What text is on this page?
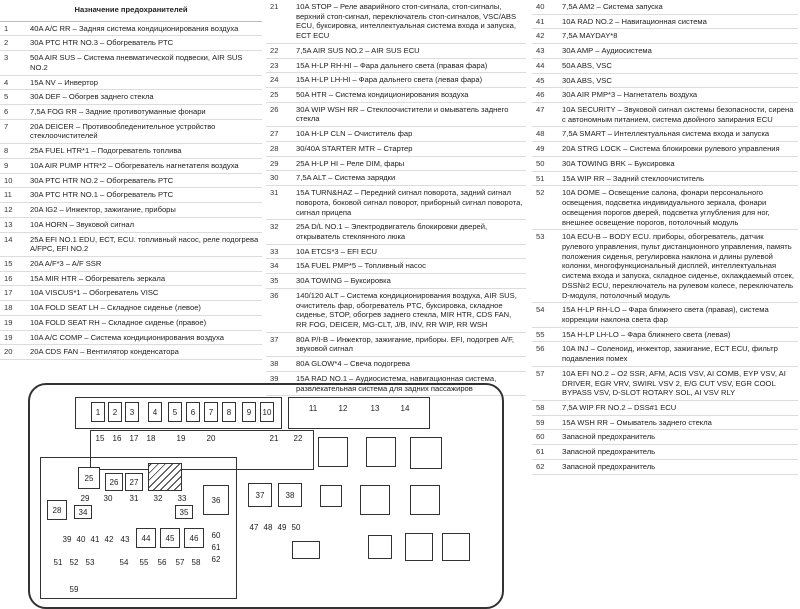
Назначение предохранителей	
1	40A A/C RR – Задняя система кондиционирования воздуха
2	30A PTC HTR NO.3 – Обогреватель PTC
3	50A AIR SUS – Система пневматической подвески, AIR SUS NO.2
4	15A NV – Инвертор
5	30A DEF – Обогрев заднего стекла
6	7,5A FOG RR – Задние противотуманные фонари
7	20A DEICER – Противообледенительное устройство стеклоочистителей
8	25A FUEL HTR*1 – Подогреватель топлива
9	10A AIR PUMP HTR*2 – Обогреватель нагнетателя воздуха
10	30A PTC HTR NO.2 – Обогреватель PTC
11	30A PTC HTR NO.1 – Обогреватель PTC
12	20A IG2 – Инжектор, зажигание, приборы
13	10A HORN – Звуковой сигнал
14	25A EFI NO.1 EDU, ECT, ECU. топливный насос, реле подогрева A/FPC, EFI NO.2
15	20A A/F*3 – A/F SSR
16	15A MIR HTR – Обогреватель зеркала
17	10A VISCUS*1 – Обогреватель VISC
18	10A FOLD SEAT LH – Складное сиденье (левое)
19	10A FOLD SEAT RH – Складное сиденье (правое)
19	10A A/C COMP – Система кондиционирования воздуха
20	20A CDS FAN – Вентилятор конденсатора
21	10A STOP – Реле аварийного стоп-сигнала, стоп-сигналы, верхний стоп-сигнал, переключатель стоп-сигналов, VSC/ABS ECU, буксировка, интеллектуальная система входа и запуска, ECT ECU
22	7,5A AIR SUS NO.2 – AIR SUS ECU
23	15A H-LP RH-HI – Фара дальнего света (правая фара)
24	15A H-LP LH-HI – Фара дальнего света (левая фара)
25	50A HTR – Система кондиционирования воздуха
26	30A WIP WSH RR – Стеклоочистители и омыватель заднего стекла
27	10A H-LP CLN – Очиститель фар
28	30/40A STARTER MTR – Стартер
29	25A H-LP HI – Реле DIM, фары
30	7,5A ALT – Система зарядки
31	15A TURN&HAZ – Передний сигнал поворота, задний сигнал поворота, боковой сигнал поворот, приборный сигнал поворота, сигнал прицепа
32	25A D/L NO.1 – Электродвигатель блокировки дверей, открыватель стеклянного люка
33	10A ETCS*3 – EFI ECU
34	15A FUEL PMP*5 – Топливный насос
35	30A TOWING – Буксировка
36	140/120 ALT – Система кондиционирования воздуха, AIR SUS, очиститель фар, обогреватель PTC, буксировка, складное сиденье, STOP, обогрев заднего стекла, MIR HTR, CDS FAN, RR FOG, DEICER, MG-CLT, J/B, INV, RR WIP, RR WSH
37	80A P/I-B – Инжектор, зажигание, приборы. EFI, подогрев A/F, звуковой сигнал
38	80A GLOW*4 – Свеча подогрева
39	15A RAD NO.1 – Аудиосистема, навигационная система, развлекательная система для задних пассажиров
40	7,5A AM2 – Система запуска
41	10A RAD NO.2 – Навигационная система
42	7,5A MAYDAY*8
43	30A AMP – Аудиосистема
44	50A ABS, VSC
45	30A ABS, VSC
46	30A AIR PMP*3 – Нагнетатель воздуха
47	10A SECURITY – Звуковой сигнал системы безопасности, сирена с автономным питанием, система двойного запирания ECU
48	7,5A SMART – Интеллектуальная система входа и запуска
49	20A STRG LOCK – Система блокировки рулевого управления
50	30A TOWING BRK – Буксировка
51	15A WIP RR – Задний стеклоочиститель
52	10A DOME – Освещение салона, фонари персонального освещения, подсветка индивидуального зеркала, фонари освещения порогов дверей, подсветка углубления для ног, внешнее освещение порогов, потолочный модуль
53	10A ECU-B – BODY ECU. приборы, обогреватель, датчик рулевого управления, пульт дистанционного управления, память положения сиденья, регулировка наклона и длины рулевой колонки, многофункциональный дисплей, интеллектуальная система входа и запуска, складное сиденье, охлаждаемый отсек, DSS№2 ECU, переключатель на рулевом колесе, переключатель D-модуля, потолочный модуль
54	15A H-LP RH-LO – Фара ближнего света (правая), система коррекции наклона света фар
55	15A H-LP LH-LO – Фара ближнего света (левая)
56	10A INJ – Соленоид, инжектор, зажигание, ECT ECU, фильтр подавления помех
57	10A EFI NO.2 – O2 SSR, AFM, ACIS VSV, AI COMB, EYP VSV, AI DRIVER, EGR VRV, SWIRL VSV 2, E/G CUT VSV, EGR COOL BYPASS VSV, D-SLOT ROTARY SOL, AI VSV RLY
58	7,5A WIP FR NO.2 – DSS#1 ECU
59	15A WSH RR – Омыватель заднего стекла
60	Запасной предохранитель
61	Запасной предохранитель
62	Запасной предохранитель
1	2	3	4	5	6	7	8	9	10	11	12	13	14
15 16 17 18	19	20	21 22
25	26	27
28
29 30 31 32 33
34	35
36
37	38
39 40 41 42 43	44	45	46
47 48 49 50
51 52 53	54 55 56 57 58
59
60
61
62
